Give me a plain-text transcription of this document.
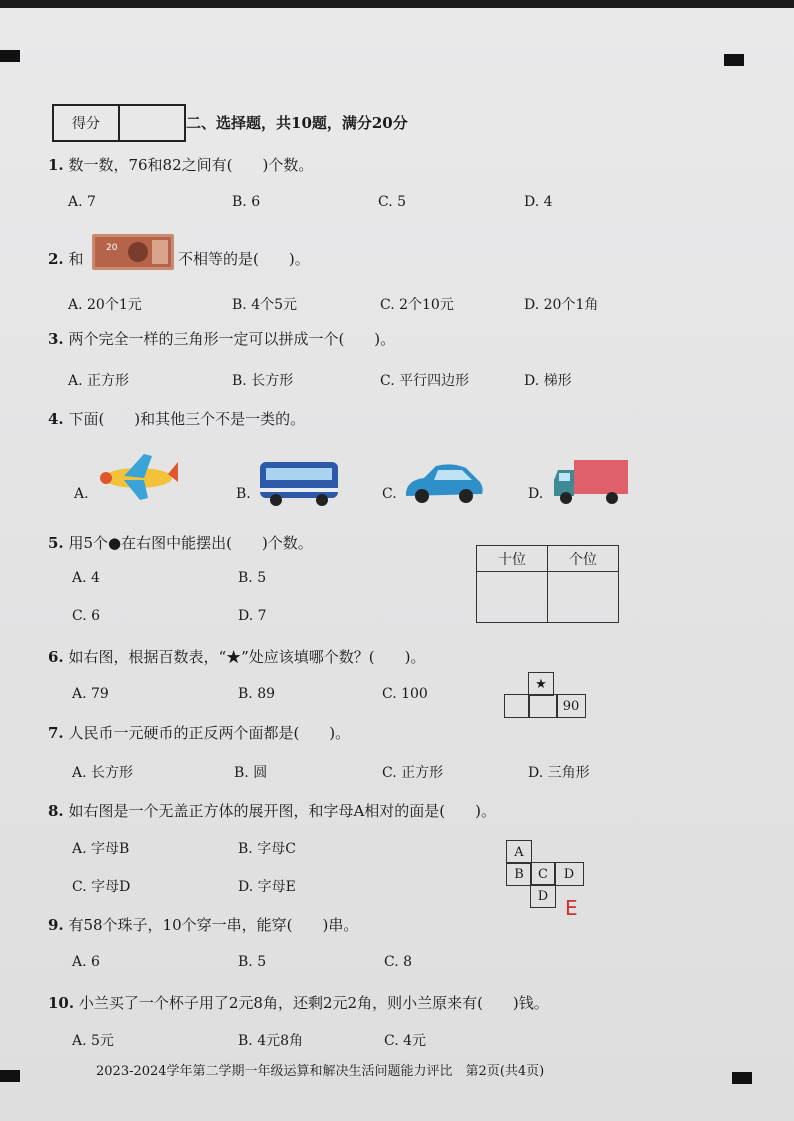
得分	二、选择题，共10题，满分20分
1. 数一数，76和82之间有(　　)个数。
A. 7	B. 6	C. 5	D. 4
2. 和
20
不相等的是(　　)。
A. 20个1元	B. 4个5元	C. 2个10元	D. 20个1角
3. 两个完全一样的三角形一定可以拼成一个(　　)。
A. 正方形	B. 长方形	C. 平行四边形	D. 梯形
4. 下面(　　)和其他三个不是一类的。
A.	B.	C.	D.
5. 用5个●在右图中能摆出(　　)个数。
A. 4	B. 5
C. 6	D. 7
十位	个位

6. 如右图，根据百数表，“★”处应该填哪个数？(　　)。
A. 79	B. 89	C. 100
★
90
7. 人民币一元硬币的正反两个面都是(　　)。
A. 长方形	B. 圆	C. 正方形	D. 三角形
8. 如右图是一个无盖正方体的展开图，和字母A相对的面是(　　)。
A. 字母B	B. 字母C
C. 字母D	D. 字母E
A
B	C	D
D E
9. 有58个珠子，10个穿一串，能穿(　　)串。
A. 6	B. 5	C. 8
10. 小兰买了一个杯子用了2元8角，还剩2元2角，则小兰原来有(　　)钱。
A. 5元	B. 4元8角	C. 4元
2023-2024学年第二学期一年级运算和解决生活问题能力评比　第2页(共4页)
